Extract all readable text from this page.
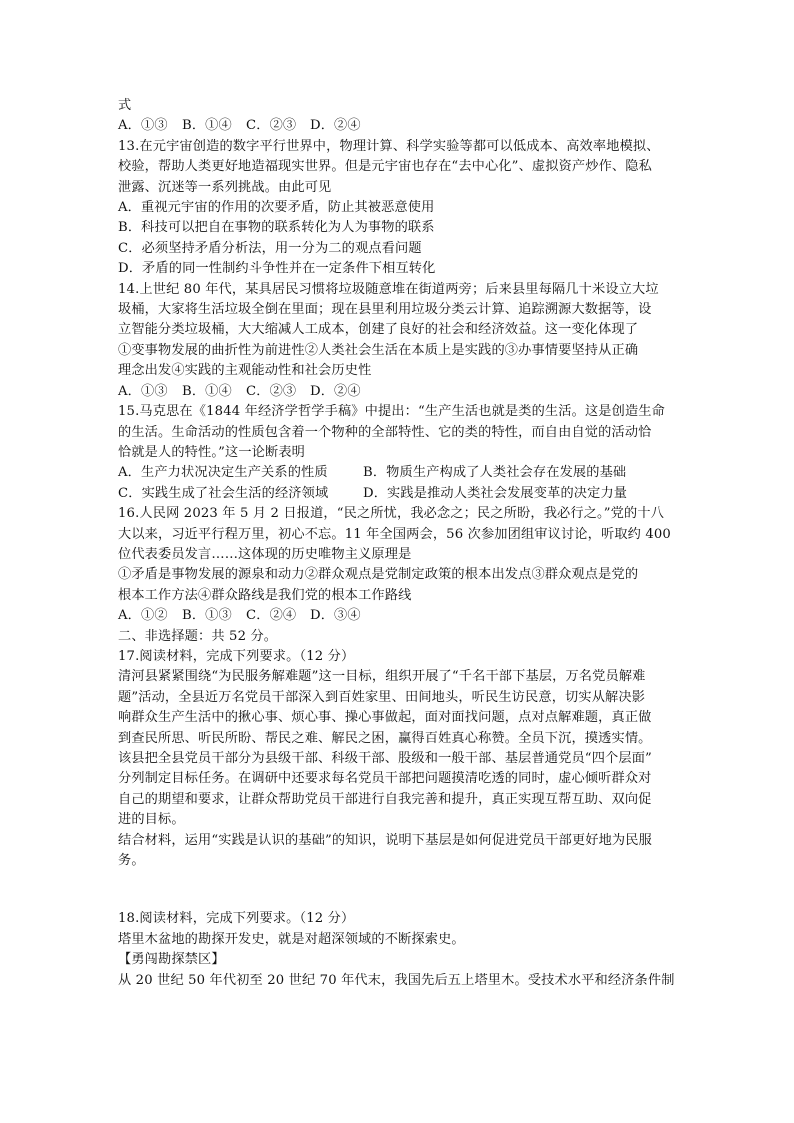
式
A．①③	B．①④	C．②③	D．②④
13.在元宇宙创造的数字平行世界中，物理计算、科学实验等都可以低成本、高效率地模拟、
校验，帮助人类更好地造福现实世界。但是元宇宙也存在“去中心化”、虚拟资产炒作、隐私
泄露、沉迷等一系列挑战。由此可见
A．重视元宇宙的作用的次要矛盾，防止其被恶意使用
B．科技可以把自在事物的联系转化为人为事物的联系
C．必须坚持矛盾分析法，用一分为二的观点看问题
D．矛盾的同一性制约斗争性并在一定条件下相互转化
14.上世纪 80 年代，某具居民习惯将垃圾随意堆在街道两旁；后来县里每隔几十米设立大垃
圾桶，大家将生活垃圾全倒在里面；现在县里利用垃圾分类云计算、追踪溯源大数据等，设
立智能分类垃圾桶，大大缩减人工成本，创建了良好的社会和经济效益。这一变化体现了
①变事物发展的曲折性为前进性②人类社会生活在本质上是实践的③办事情要坚持从正确
理念出发④实践的主观能动性和社会历史性
A．①③	B．①④	C．②③	D．②④
15.马克思在《1844 年经济学哲学手稿》中提出：“生产生活也就是类的生活。这是创造生命
的生活。生命活动的性质包含着一个物种的全部特性、它的类的特性，而自由自觉的活动恰
恰就是人的特性。”这一论断表明
A．生产力状况决定生产关系的性质	B．物质生产构成了人类社会存在发展的基础
C．实践生成了社会生活的经济领域	D．实践是推动人类社会发展变革的决定力量
16.人民网 2023 年 5 月 2 日报道，“民之所忧，我必念之；民之所盼，我必行之。”党的十八
大以来，习近平行程万里，初心不忘。11 年全国两会，56 次参加团组审议讨论，听取约 400
位代表委员发言……这体现的历史唯物主义原理是
①矛盾是事物发展的源泉和动力②群众观点是党制定政策的根本出发点③群众观点是党的
根本工作方法④群众路线是我们党的根本工作路线
A．①②	B．①③	C．②④	D．③④
二、非选择题：共 52 分。
17.阅读材料，完成下列要求。（12 分）
清河县紧紧围绕“为民服务解难题”这一目标，组织开展了“千名干部下基层，万名党员解难
题”活动，全县近万名党员干部深入到百姓家里、田间地头，听民生访民意，切实从解决影
响群众生产生活中的揪心事、烦心事、操心事做起，面对面找问题，点对点解难题，真正做
到查民所思、听民所盼、帮民之难、解民之困，赢得百姓真心称赞。全员下沉，摸透实情。
该县把全县党员干部分为县级干部、科级干部、股级和一般干部、基层普通党员“四个层面”
分列制定目标任务。在调研中还要求每名党员干部把问题摸清吃透的同时，虚心倾听群众对
自己的期望和要求，让群众帮助党员干部进行自我完善和提升，真正实现互帮互助、双向促
进的目标。
结合材料，运用“实践是认识的基础”的知识，说明下基层是如何促进党员干部更好地为民服
务。
18.阅读材料，完成下列要求。（12 分）
塔里木盆地的勘探开发史，就是对超深领域的不断探索史。
【勇闯勘探禁区】
从 20 世纪 50 年代初至 20 世纪 70 年代末，我国先后五上塔里木。受技术水平和经济条件制
